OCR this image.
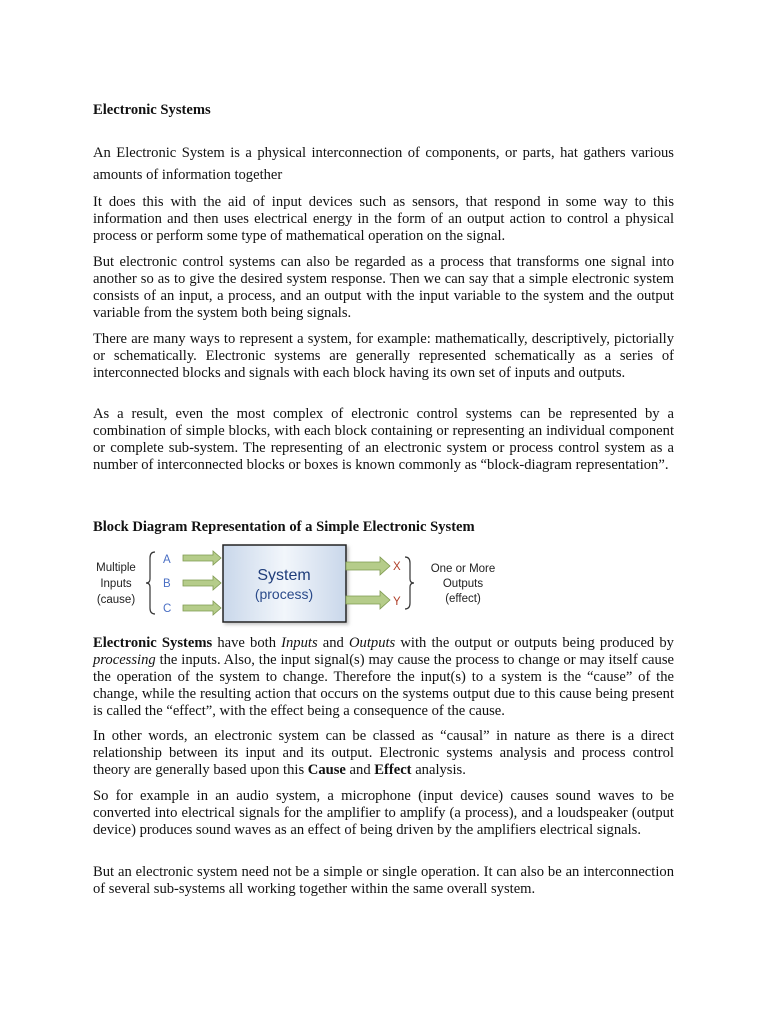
Electronic Systems

An Electronic System is a physical interconnection of components, or parts, hat gathers various amounts of information together

It does this with the aid of input devices such as sensors, that respond in some way to this information and then uses electrical energy in the form of an output action to control a physical process or perform some type of mathematical operation on the signal.

But electronic control systems can also be regarded as a process that transforms one signal into another so as to give the desired system response. Then we can say that a simple electronic system consists of an input, a process, and an output with the input variable to the system and the output variable from the system both being signals.

There are many ways to represent a system, for example: mathematically, descriptively, pictorially or schematically. Electronic systems are generally represented schematically as a series of interconnected blocks and signals with each block having its own set of inputs and outputs.

As a result, even the most complex of electronic control systems can be represented by a combination of simple blocks, with each block containing or representing an individual component or complete sub-system. The representing of an electronic system or process control system as a number of interconnected blocks or boxes is known commonly as “block-diagram representation”.

Block Diagram Representation of a Simple Electronic System
Multiple
Inputs
(cause)
A
B
C
System
(process)
X
Y
One or More
Outputs
(effect)

Electronic Systems have both Inputs and Outputs with the output or outputs being produced by processing the inputs. Also, the input signal(s) may cause the process to change or may itself cause the operation of the system to change. Therefore the input(s) to a system is the “cause” of the change, while the resulting action that occurs on the systems output due to this cause being present is called the “effect”, with the effect being a consequence of the cause.

In other words, an electronic system can be classed as “causal” in nature as there is a direct relationship between its input and its output. Electronic systems analysis and process control theory are generally based upon this Cause and Effect analysis.

So for example in an audio system, a microphone (input device) causes sound waves to be converted into electrical signals for the amplifier to amplify (a process), and a loudspeaker (output device) produces sound waves as an effect of being driven by the amplifiers electrical signals.

But an electronic system need not be a simple or single operation. It can also be an interconnection of several sub-systems all working together within the same overall system.
